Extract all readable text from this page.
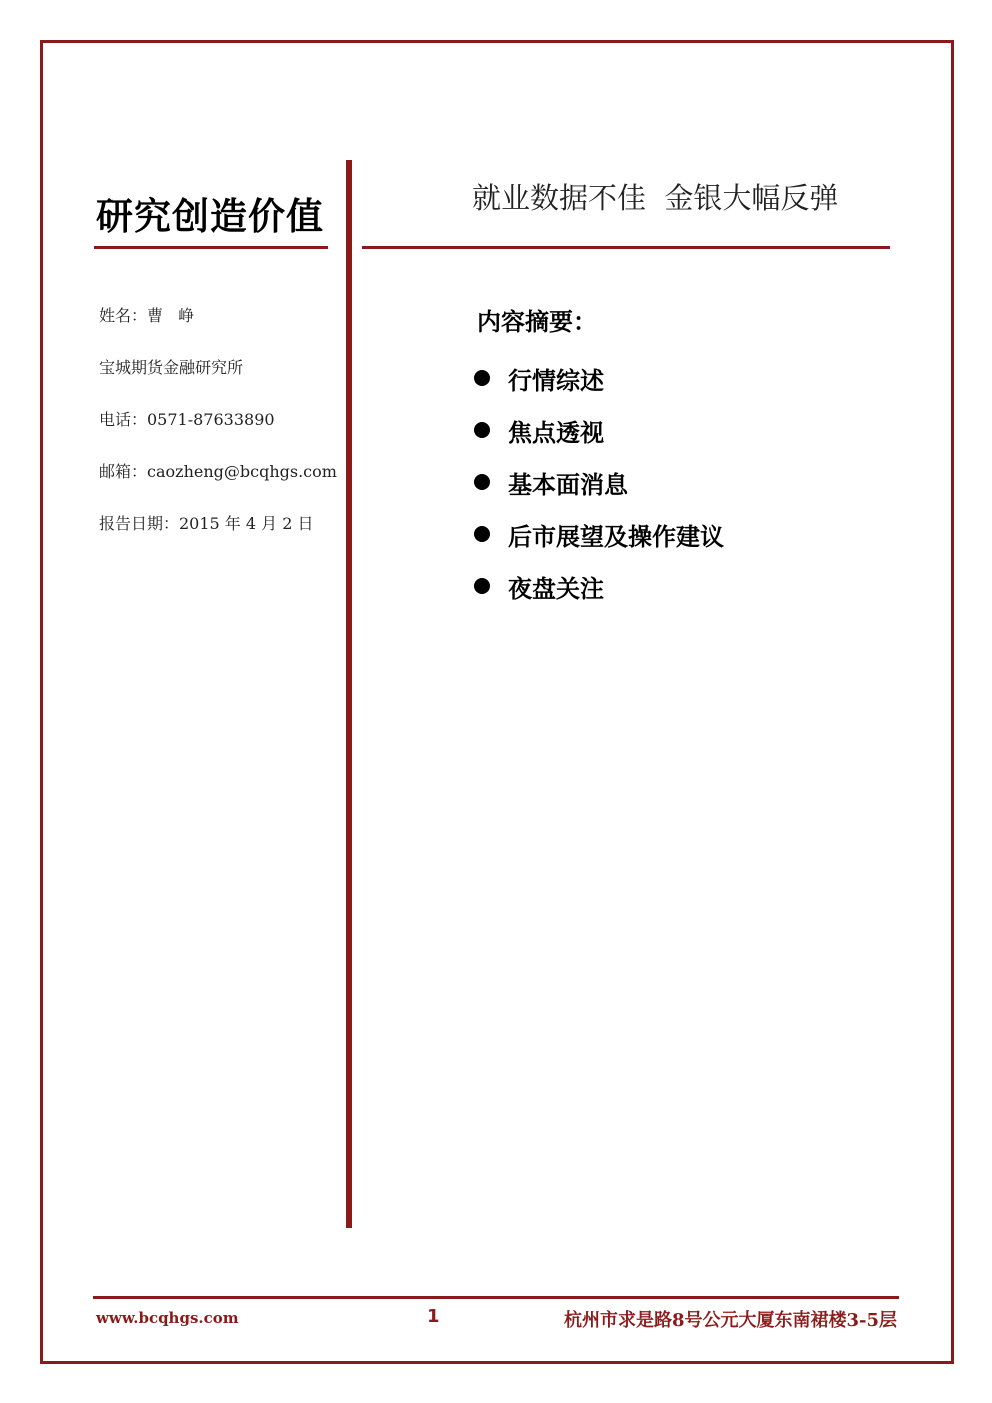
研究创造价值	就业数据不佳  金银大幅反弹
姓名：曹   峥
宝城期货金融研究所
电话：0571-87633890
邮箱：caozheng@bcqhgs.com
报告日期：2015 年 4 月 2 日
内容摘要：
行情综述
焦点透视
基本面消息
后市展望及操作建议
夜盘关注
www.bcqhgs.com	1	杭州市求是路8号公元大厦东南裙楼3-5层
